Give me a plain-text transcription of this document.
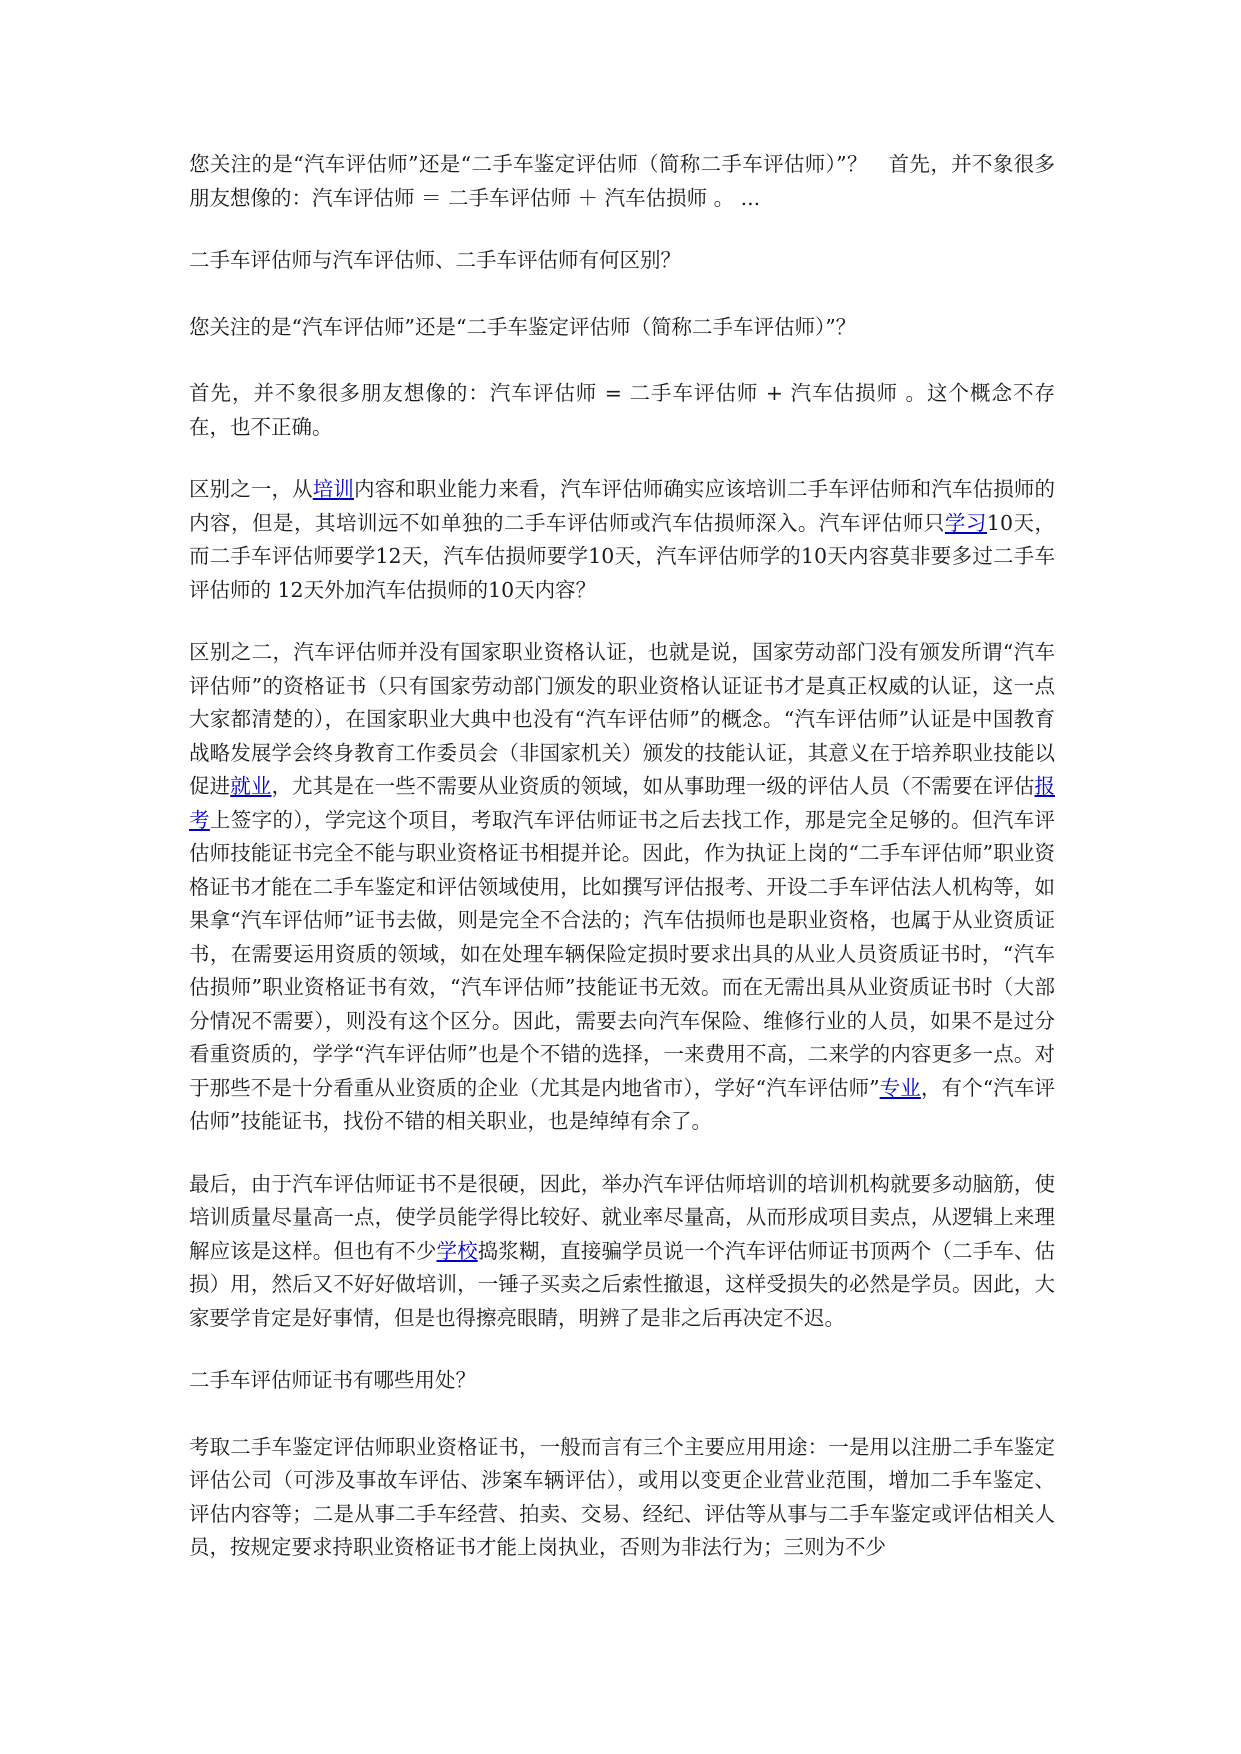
您关注的是“汽车评估师”还是“二手车鉴定评估师（简称二手车评估师）”？　首先，并不象很多朋友想像的：汽车评估师 ＝ 二手车评估师 ＋ 汽车估损师 。 ...

二手车评估师与汽车评估师、二手车评估师有何区别？

您关注的是“汽车评估师”还是“二手车鉴定评估师（简称二手车评估师）”？

首先，并不象很多朋友想像的：汽车评估师 = 二手车评估师 + 汽车估损师 。这个概念不存在，也不正确。

区别之一，从培训内容和职业能力来看，汽车评估师确实应该培训二手车评估师和汽车估损师的内容，但是，其培训远不如单独的二手车评估师或汽车估损师深入。汽车评估师只学习10天，而二手车评估师要学12天，汽车估损师要学10天，汽车评估师学的10天内容莫非要多过二手车评估师的 12天外加汽车估损师的10天内容？

区别之二，汽车评估师并没有国家职业资格认证，也就是说，国家劳动部门没有颁发所谓“汽车评估师”的资格证书（只有国家劳动部门颁发的职业资格认证证书才是真正权威的认证，这一点大家都清楚的），在国家职业大典中也没有“汽车评估师”的概念。“汽车评估师”认证是中国教育战略发展学会终身教育工作委员会（非国家机关）颁发的技能认证，其意义在于培养职业技能以促进就业，尤其是在一些不需要从业资质的领域，如从事助理一级的评估人员（不需要在评估报考上签字的），学完这个项目，考取汽车评估师证书之后去找工作，那是完全足够的。但汽车评估师技能证书完全不能与职业资格证书相提并论。因此，作为执证上岗的“二手车评估师”职业资格证书才能在二手车鉴定和评估领域使用，比如撰写评估报考、开设二手车评估法人机构等，如果拿“汽车评估师”证书去做，则是完全不合法的；汽车估损师也是职业资格，也属于从业资质证书，在需要运用资质的领域，如在处理车辆保险定损时要求出具的从业人员资质证书时，“汽车估损师”职业资格证书有效，“汽车评估师”技能证书无效。而在无需出具从业资质证书时（大部分情况不需要），则没有这个区分。因此，需要去向汽车保险、维修行业的人员，如果不是过分看重资质的，学学“汽车评估师”也是个不错的选择，一来费用不高，二来学的内容更多一点。对于那些不是十分看重从业资质的企业（尤其是内地省市），学好“汽车评估师”专业，有个“汽车评估师”技能证书，找份不错的相关职业，也是绰绰有余了。

最后，由于汽车评估师证书不是很硬，因此，举办汽车评估师培训的培训机构就要多动脑筋，使培训质量尽量高一点，使学员能学得比较好、就业率尽量高，从而形成项目卖点，从逻辑上来理解应该是这样。但也有不少学校捣浆糊，直接骗学员说一个汽车评估师证书顶两个（二手车、估损）用，然后又不好好做培训，一锤子买卖之后索性撤退，这样受损失的必然是学员。因此，大家要学肯定是好事情，但是也得擦亮眼睛，明辨了是非之后再决定不迟。

二手车评估师证书有哪些用处？

考取二手车鉴定评估师职业资格证书，一般而言有三个主要应用用途：一是用以注册二手车鉴定评估公司（可涉及事故车评估、涉案车辆评估），或用以变更企业营业范围，增加二手车鉴定、评估内容等；二是从事二手车经营、拍卖、交易、经纪、评估等从事与二手车鉴定或评估相关人员，按规定要求持职业资格证书才能上岗执业，否则为非法行为；三则为不少
